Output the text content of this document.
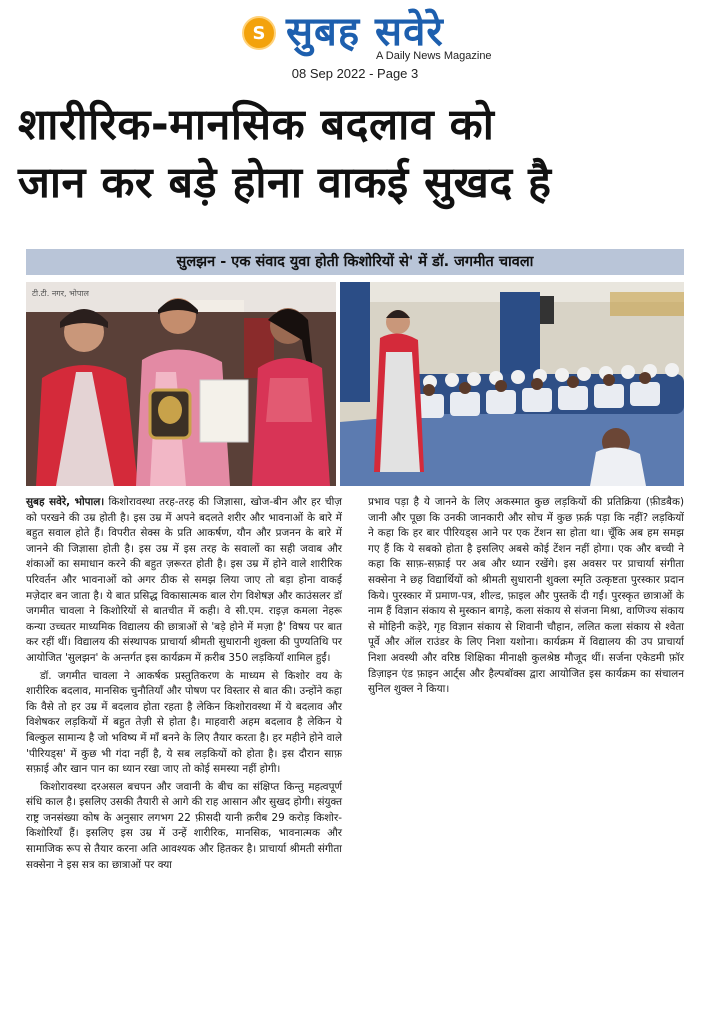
S सुबह सवेरे
A Daily News Magazine
08 Sep 2022 - Page 3
शारीरिक-मानसिक बदलाव को
जान कर बड़े होना वाकई सुखद है
सुलझन - एक संवाद युवा होती किशोरियों से' में डॉ. जगमीत चावला
टी.टी. नगर, भोपाल

सुबह सवेरे, भोपाल। किशोरावस्था तरह-तरह की जिज्ञासा, खोज-बीन और हर चीज़ को परखने की उम्र होती है। इस उम्र में अपने बदलते शरीर और भावनाओं के बारे में बहुत सवाल होते हैं। विपरीत सेक्स के प्रति आकर्षण, यौन और प्रजनन के बारे में जानने की जिज्ञासा होती है। इस उम्र में इस तरह के सवालों का सही जवाब और शंकाओं का समाधान करने की बहुत ज़रूरत होती है। इस उम्र में होने वाले शारीरिक परिवर्तन और भावनाओं को अगर ठीक से समझ लिया जाए तो बड़ा होना वाकई मज़ेदार बन जाता है। ये बात प्रसिद्ध विकासात्मक बाल रोग विशेषज्ञ और काउंसलर डॉ जगमीत चावला ने किशोरियों से बातचीत में कही। वे सी.एम. राइज़ कमला नेहरू कन्या उच्चतर माध्यमिक विद्यालय की छात्राओं से 'बड़े होने में मज़ा है' विषय पर बात कर रहीं थीं। विद्यालय की संस्थापक प्राचार्या श्रीमती सुधारानी शुक्ला की पुण्यतिथि पर आयोजित 'सुलझन' के अन्तर्गत इस कार्यक्रम में क़रीब 350 लड़कियाँ शामिल हुईं।

डॉ. जगमीत चावला ने आकर्षक प्रस्तुतिकरण के माध्यम से किशोर वय के शारीरिक बदलाव, मानसिक चुनौतियाँ और पोषण पर विस्तार से बात की। उन्होंने कहा कि वैसे तो हर उम्र में बदलाव होता रहता है लेकिन किशोरावस्था में ये बदलाव और विशेषकर लड़कियों में बहुत तेज़ी से होता है। माहवारी अहम बदलाव है लेकिन ये बिल्कुल सामान्य है जो भविष्य में माँ बनने के लिए तैयार करता है। हर महीने होने वाले 'पीरियड्स' में कुछ भी गंदा नहीं है, ये सब लड़कियों को होता है। इस दौरान साफ़ सफ़ाई और खान पान का ध्यान रखा जाए तो कोई समस्या नहीं होगी।

किशोरावस्था दरअसल बचपन और जवानी के बीच का संक्षिप्त किन्तु महत्वपूर्ण संधि काल है। इसलिए उसकी तैयारी से आगे की राह आसान और सुखद होगी। संयुक्त राष्ट्र जनसंख्या कोष के अनुसार लगभग 22 फ़ीसदी यानी क़रीब 29 करोड़ किशोर-किशोरियाँ हैं। इसलिए इस उम्र में उन्हें शारीरिक, मानसिक, भावनात्मक और सामाजिक रूप से तैयार करना अति आवश्यक और हितकर है। प्राचार्या श्रीमती संगीता सक्सेना ने इस सत्र का छात्राओं पर क्या

प्रभाव पड़ा है ये जानने के लिए अकस्मात कुछ लड़कियों की प्रतिक्रिया (फ़ीडबैक) जानी और पूछा कि उनकी जानकारी और सोच में कुछ फ़र्क़ पड़ा कि नहीं? लड़कियों ने कहा कि हर बार पीरियड्स आने पर एक टेंशन सा होता था। चूँकि अब हम समझ गए हैं कि ये सबको होता है इसलिए अबसे कोई टेंशन नहीं होगा। एक और बच्ची ने कहा कि साफ़-सफ़ाई पर अब और ध्यान रखेंगे। इस अवसर पर प्राचार्या संगीता सक्सेना ने छह विद्यार्थियों को श्रीमती सुधारानी शुक्ला स्मृति उत्कृष्टता पुरस्कार प्रदान किये। पुरस्कार में प्रमाण-पत्र, शील्ड, फ़ाइल और पुस्तकें दी गईं। पुरस्कृत छात्राओं के नाम हैं विज्ञान संकाय से मुस्कान बागड़े, कला संकाय से संजना मिश्रा, वाणिज्य संकाय से मोहिनी कड़ेरे, गृह विज्ञान संकाय से शिवानी चौहान, ललित कला संकाय से श्वेता पूर्वे और ऑल राउंडर के लिए निशा यशोना। कार्यक्रम में विद्यालय की उप प्राचार्या निशा अवस्थी और वरिष्ठ शिक्षिका मीनाक्षी कुलश्रेष्ठ मौजूद थीं। सर्जना एकेडमी फ़ॉर डिज़ाइन एंड फ़ाइन आर्ट्स और हैल्पबॉक्स द्वारा आयोजित इस कार्यक्रम का संचालन सुनिल शुक्ल ने किया।
